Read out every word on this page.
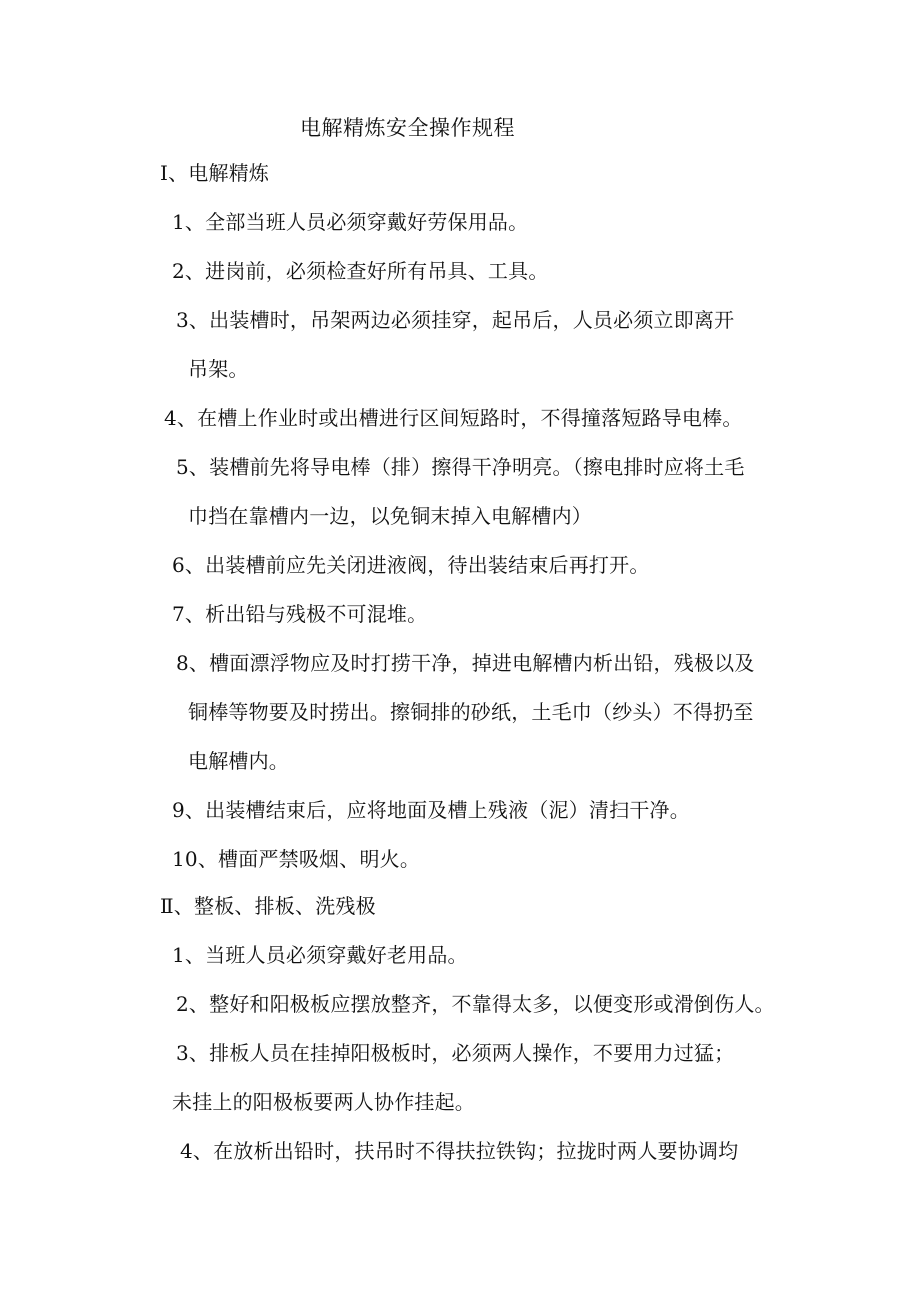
电解精炼安全操作规程
Ⅰ、电解精炼
1、全部当班人员必须穿戴好劳保用品。
2、进岗前，必须检查好所有吊具、工具。
3、出装槽时，吊架两边必须挂穿，起吊后，人员必须立即离开
吊架。
4、在槽上作业时或出槽进行区间短路时，不得撞落短路导电棒。
5、装槽前先将导电棒（排）擦得干净明亮。（擦电排时应将土毛
巾挡在靠槽内一边，以免铜末掉入电解槽内）
6、出装槽前应先关闭进液阀，待出装结束后再打开。
7、析出铅与残极不可混堆。
8、槽面漂浮物应及时打捞干净，掉进电解槽内析出铅，残极以及
铜棒等物要及时捞出。擦铜排的砂纸，土毛巾（纱头）不得扔至
电解槽内。
9、出装槽结束后，应将地面及槽上残液（泥）清扫干净。
10、槽面严禁吸烟、明火。
Ⅱ、整板、排板、洗残极
1、当班人员必须穿戴好老用品。
2、整好和阳极板应摆放整齐，不靠得太多，以便变形或滑倒伤人。
3、排板人员在挂掉阳极板时，必须两人操作，不要用力过猛；
未挂上的阳极板要两人协作挂起。
4、在放析出铅时，扶吊时不得扶拉铁钩；拉拢时两人要协调均
